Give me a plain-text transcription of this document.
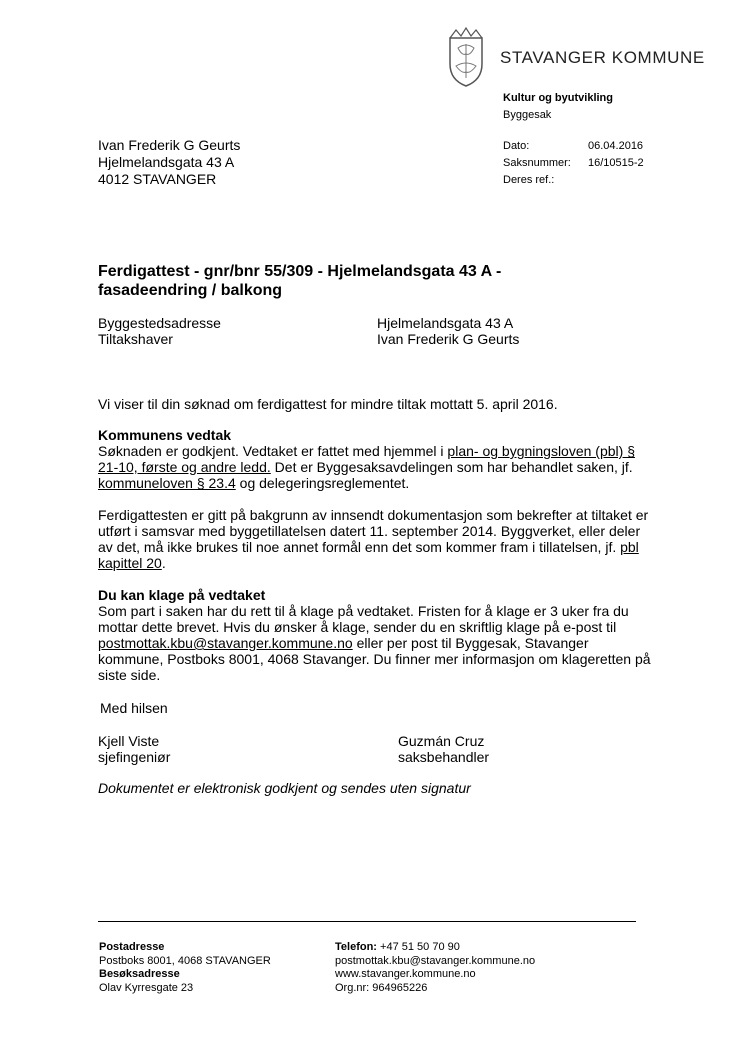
STAVANGER KOMMUNE
Kultur og byutvikling
Byggesak
Ivan Frederik G Geurts
Hjelmelandsgata 43 A
4012 STAVANGER
Dato:	06.04.2016
Saksnummer: 16/10515-2
Deres ref.:
Ferdigattest - gnr/bnr 55/309 - Hjelmelandsgata 43 A - fasadeendring / balkong
Byggestedsadresse	Hjelmelandsgata 43 A
Tiltakshaver	Ivan Frederik G Geurts
Vi viser til din søknad om ferdigattest for mindre tiltak mottatt 5. april 2016.
Kommunens vedtak
Søknaden er godkjent. Vedtaket er fattet med hjemmel i plan- og bygningsloven (pbl) § 21-10, første og andre ledd. Det er Byggesaksavdelingen som har behandlet saken, jf. kommuneloven § 23.4 og delegeringsreglementet.
Ferdigattesten er gitt på bakgrunn av innsendt dokumentasjon som bekrefter at tiltaket er utført i samsvar med byggetillatelsen datert 11. september 2014. Byggverket, eller deler av det, må ikke brukes til noe annet formål enn det som kommer fram i tillatelsen, jf. pbl kapittel 20.
Du kan klage på vedtaket
Som part i saken har du rett til å klage på vedtaket. Fristen for å klage er 3 uker fra du mottar dette brevet. Hvis du ønsker å klage, sender du en skriftlig klage på e-post til postmottak.kbu@stavanger.kommune.no eller per post til Byggesak, Stavanger kommune, Postboks 8001, 4068 Stavanger. Du finner mer informasjon om klageretten på siste side.
Med hilsen
Kjell Viste
sjefingeniør
Guzmán Cruz
saksbehandler
Dokumentet er elektronisk godkjent og sendes uten signatur
Postadresse
Postboks 8001, 4068 STAVANGER
Besøksadresse
Olav Kyrresgate 23
Telefon: +47 51 50 70 90
postmottak.kbu@stavanger.kommune.no
www.stavanger.kommune.no
Org.nr: 964965226
